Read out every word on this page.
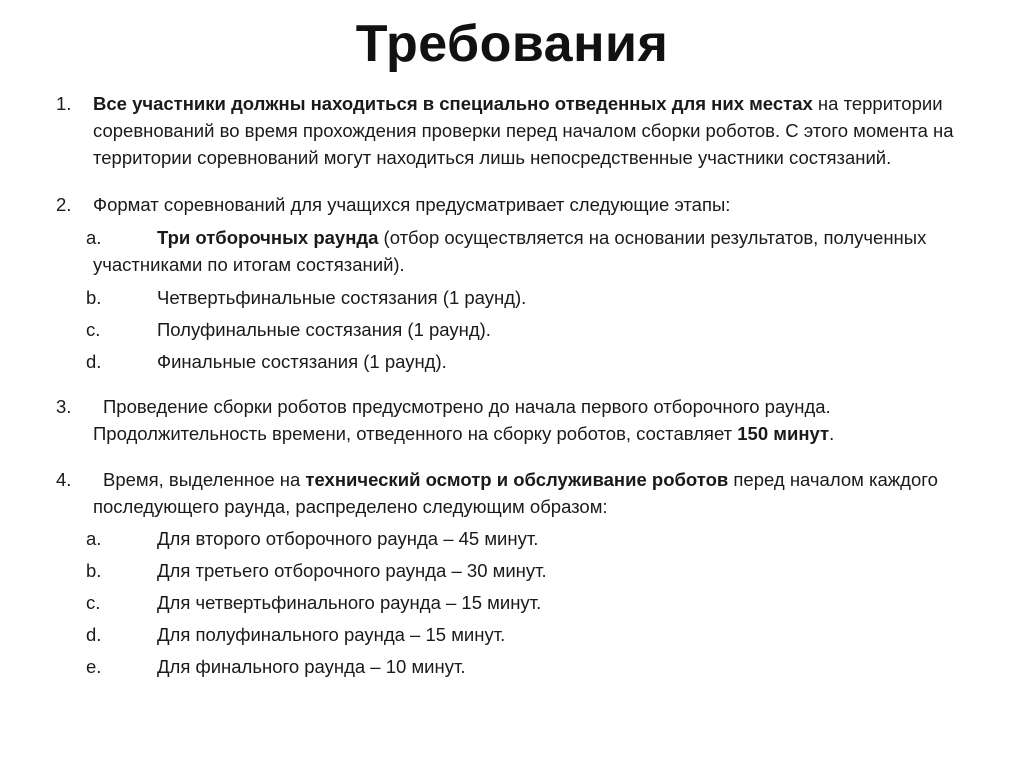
Требования
1. Все участники должны находиться в специально отведенных для них местах на территории соревнований во время прохождения проверки перед началом сборки роботов. С этого момента на территории соревнований могут находиться лишь непосредственные участники состязаний.
2. Формат соревнований для учащихся предусматривает следующие этапы:
a.	Три отборочных раунда (отбор осуществляется на основании результатов, полученных участниками по итогам состязаний).
b.	Четвертьфинальные состязания (1 раунд).
c.	Полуфинальные состязания (1 раунд).
d.	Финальные состязания (1 раунд).
3.	Проведение сборки роботов предусмотрено до начала первого отборочного раунда. Продолжительность времени, отведенного на сборку роботов, составляет 150 минут.
4.	Время, выделенное на технический осмотр и обслуживание роботов перед началом каждого последующего раунда, распределено следующим образом:
a.	Для второго отборочного раунда – 45 минут.
b.	Для третьего отборочного раунда – 30 минут.
c.	Для четвертьфинального раунда – 15 минут.
d.	Для полуфинального раунда – 15 минут.
e.	Для финального раунда – 10 минут.
